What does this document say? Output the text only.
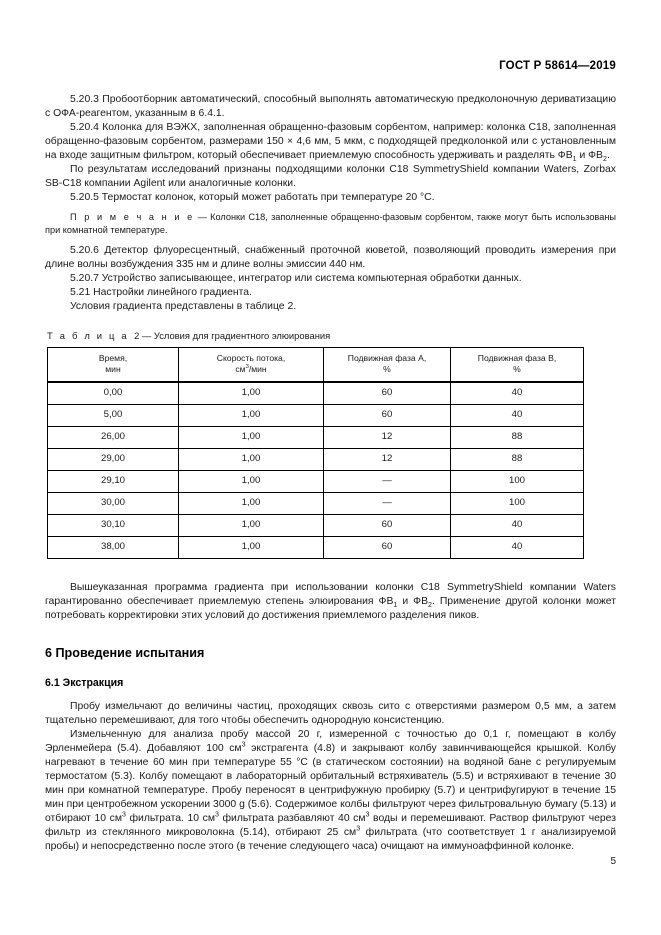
ГОСТ Р 58614—2019

5.20.3 Пробоотборник автоматический, способный выполнять автоматическую предколоночную дериватизацию с ОФА-реагентом, указанным в 6.4.1.

5.20.4 Колонка для ВЭЖХ, заполненная обращенно-фазовым сорбентом, например: колонка С18, заполненная обращенно-фазовым сорбентом, размерами 150 × 4,6 мм, 5 мкм, с подходящей предколонкой или с установленным на входе защитным фильтром, который обеспечивает приемлемую способность удерживать и разделять $ФВ_1$ и $ФВ_2$.

По результатам исследований признаны подходящими колонки C18 SymmetryShield компании Waters, Zorbax SB-C18 компании Agilent или аналогичные колонки.

5.20.5 Термостат колонок, который может работать при температуре 20 °С.

П р и м е ч а н и е — Колонки C18, заполненные обращенно-фазовым сорбентом, также могут быть использованы при комнатной температуре.

5.20.6 Детектор флуоресцентный, снабженный проточной кюветой, позволяющий проводить измерения при длине волны возбуждения 335 нм и длине волны эмиссии 440 нм.

5.20.7 Устройство записывающее, интегратор или система компьютерная обработки данных.

5.21 Настройки линейного градиента.

Условия градиента представлены в таблице 2.

Т а б л и ц а 2 — Условия для градиентного элюирования

Время,
мин	Скорость потока,
$см^3$/мин	Подвижная фаза А,
%	Подвижная фаза В,
%
0,00	1,00	60	40
5,00	1,00	60	40
26,00	1,00	12	88
29,00	1,00	12	88
29,10	1,00	—	100
30,00	1,00	—	100
30,10	1,00	60	40
38,00	1,00	60	40

Вышеуказанная программа градиента при использовании колонки C18 SymmetryShield компании Waters гарантированно обеспечивает приемлемую степень элюирования $ФВ_1$ и $ФВ_2$. Применение другой колонки может потребовать корректировки этих условий до достижения приемлемого разделения пиков.

6 Проведение испытания
6.1 Экстракция

Пробу измельчают до величины частиц, проходящих сквозь сито с отверстиями размером 0,5 мм, а затем тщательно перемешивают, для того чтобы обеспечить однородную консистенцию.

Измельченную для анализа пробу массой 20 г, измеренной с точностью до 0,1 г, помещают в колбу Эрленмейера (5.4). Добавляют 100 $см^3$ экстрагента (4.8) и закрывают колбу завинчивающейся крышкой. Колбу нагревают в течение 60 мин при температуре 55 °С (в статическом состоянии) на водяной бане с регулируемым термостатом (5.3). Колбу помещают в лабораторный орбитальный встряхиватель (5.5) и встряхивают в течение 30 мин при комнатной температуре. Пробу переносят в центрифужную пробирку (5.7) и центрифугируют в течение 15 мин при центробежном ускорении 3000 g (5.6). Содержимое колбы фильтруют через фильтровальную бумагу (5.13) и отбирают 10 $см^3$ фильтрата. 10 $см^3$ фильтрата разбавляют 40 $см^3$ воды и перемешивают. Раствор фильтруют через фильтр из стеклянного микроволокна (5.14), отбирают 25 $см^3$ фильтрата (что соответствует 1 г анализируемой пробы) и непосредственно после этого (в течение следующего часа) очищают на иммуноаффинной колонке.

5
